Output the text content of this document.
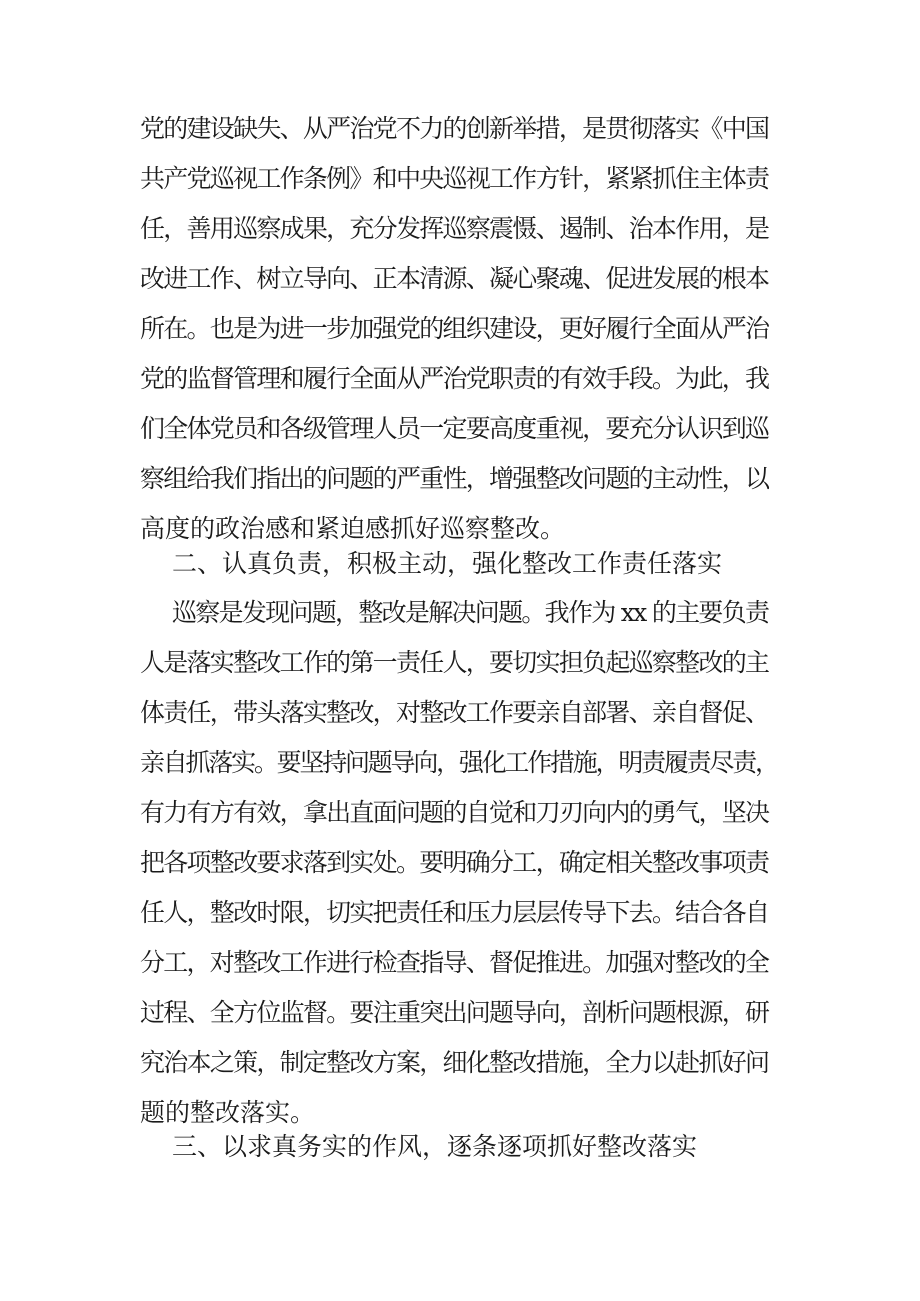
党的建设缺失、从严治党不力的创新举措，是贯彻落实《中国

共产党巡视工作条例》和中央巡视工作方针，紧紧抓住主体责

任，善用巡察成果，充分发挥巡察震慑、遏制、治本作用，是

改进工作、树立导向、正本清源、凝心聚魂、促进发展的根本

所在。也是为进一步加强党的组织建设，更好履行全面从严治

党的监督管理和履行全面从严治党职责的有效手段。为此，我

们全体党员和各级管理人员一定要高度重视，要充分认识到巡

察组给我们指出的问题的严重性，增强整改问题的主动性，以

高度的政治感和紧迫感抓好巡察整改。

二、认真负责，积极主动，强化整改工作责任落实

巡察是发现问题，整改是解决问题。我作为 xx 的主要负责

人是落实整改工作的第一责任人，要切实担负起巡察整改的主

体责任，带头落实整改，对整改工作要亲自部署、亲自督促、

亲自抓落实。要坚持问题导向，强化工作措施，明责履责尽责，

有力有方有效，拿出直面问题的自觉和刀刃向内的勇气，坚决

把各项整改要求落到实处。要明确分工，确定相关整改事项责

任人，整改时限，切实把责任和压力层层传导下去。结合各自

分工，对整改工作进行检查指导、督促推进。加强对整改的全

过程、全方位监督。要注重突出问题导向，剖析问题根源，研

究治本之策，制定整改方案，细化整改措施，全力以赴抓好问

题的整改落实。

三、以求真务实的作风，逐条逐项抓好整改落实
